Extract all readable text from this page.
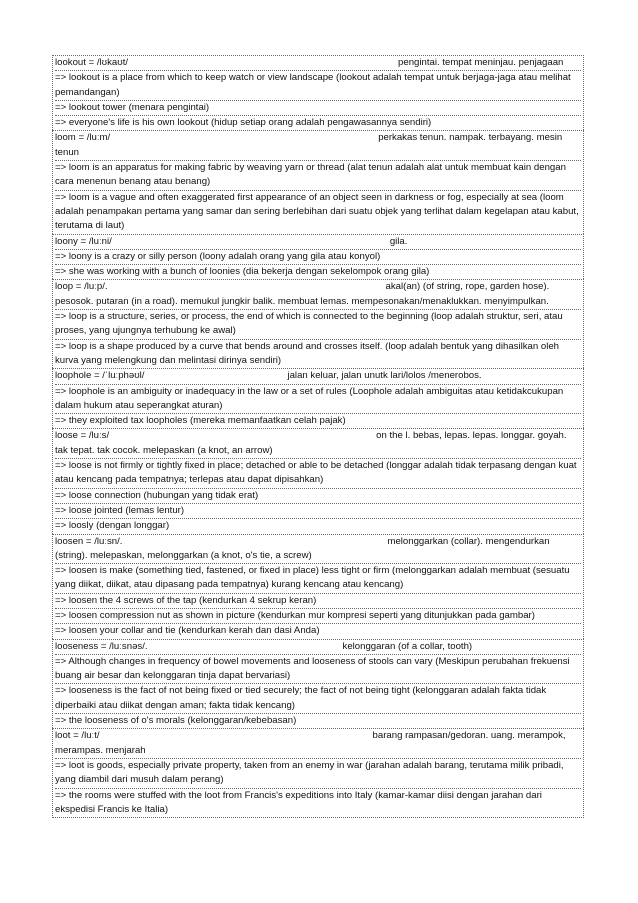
lookout = /lʊkaʊt/	pengintai. tempat meninjau. penjagaan
=> lookout is a place from which to keep watch or view landscape (lookout adalah tempat untuk berjaga-jaga atau melihat pemandangan)
=> lookout tower (menara pengintai)
=> everyone's life is his own lookout (hidup setiap orang adalah pengawasannya sendiri)
loom = /luːm/	perkakas tenun. nampak. terbayang. mesin tenun
=> loom is an apparatus for making fabric by weaving yarn or thread (alat tenun adalah alat untuk membuat kain dengan cara menenun benang atau benang)
=> loom is a vague and often exaggerated first appearance of an object seen in darkness or fog, especially at sea (loom adalah penampakan pertama yang samar dan sering berlebihan dari suatu objek yang terlihat dalam kegelapan atau kabut, terutama di laut)
loony = /luːni/	gila.
=> loony is a crazy or silly person (loony adalah orang yang gila atau konyol)
=> she was working with a bunch of loonies (dia bekerja dengan sekelompok orang gila)
loop = /luːp/.	akal(an) (of string, rope, garden hose). pesosok. putaran (in a road). memukul jungkir balik. membuat lemas. mempesonakan/menaklukkan. menyimpulkan.
=> loop is a structure, series, or process, the end of which is connected to the beginning (loop adalah struktur, seri, atau proses, yang ujungnya terhubung ke awal)
=> loop is a shape produced by a curve that bends around and crosses itself. (loop adalah bentuk yang dihasilkan oleh kurva yang melengkung dan melintasi dirinya sendiri)
loophole = /ˈluːphəʊl/	jalan keluar, jalan unutk lari/lolos /menerobos.
=> loophole is an ambiguity or inadequacy in the law or a set of rules (Loophole adalah ambiguitas atau ketidakcukupan dalam hukum atau seperangkat aturan)
=> they exploited tax loopholes (mereka memanfaatkan celah pajak)
loose = /luːs/	on the l. bebas, lepas. lepas. longgar. goyah. tak tepat. tak cocok. melepaskan (a knot, an arrow)
=> loose is not firmly or tightly fixed in place; detached or able to be detached (longgar adalah tidak terpasang dengan kuat atau kencang pada tempatnya; terlepas atau dapat dipisahkan)
=> loose connection (hubungan yang tidak erat)
=> loose jointed (lemas lentur)
=> loosly (dengan longgar)
loosen = /luːsn/.	melonggarkan (collar). mengendurkan (string). melepaskan, melonggarkan (a knot, o's tie, a screw)
=> loosen is make (something tied, fastened, or fixed in place) less tight or firm (melonggarkan adalah membuat (sesuatu yang diikat, diikat, atau dipasang pada tempatnya) kurang kencang atau kencang)
=> loosen the 4 screws of the tap (kendurkan 4 sekrup keran)
=> loosen compression nut as shown in picture (kendurkan mur kompresi seperti yang ditunjukkan pada gambar)
=> loosen your collar and tie (kendurkan kerah dan dasi Anda)
looseness = /luːsnəs/.	kelonggaran (of a collar, tooth)
=> Although changes in frequency of bowel movements and looseness of stools can vary (Meskipun perubahan frekuensi buang air besar dan kelonggaran tinja dapat bervariasi)
=> looseness is the fact of not being fixed or tied securely; the fact of not being tight (kelonggaran adalah fakta tidak diperbaiki atau diikat dengan aman; fakta tidak kencang)
=> the looseness of o's morals (kelonggaran/kebebasan)
loot = /luːt/	barang rampasan/gedoran. uang. merampok, merampas. menjarah
=> loot is goods, especially private property, taken from an enemy in war (jarahan adalah barang, terutama milik pribadi, yang diambil dari musuh dalam perang)
=> the rooms were stuffed with the loot from Francis's expeditions into Italy (kamar-kamar diisi dengan jarahan dari ekspedisi Francis ke Italia)
